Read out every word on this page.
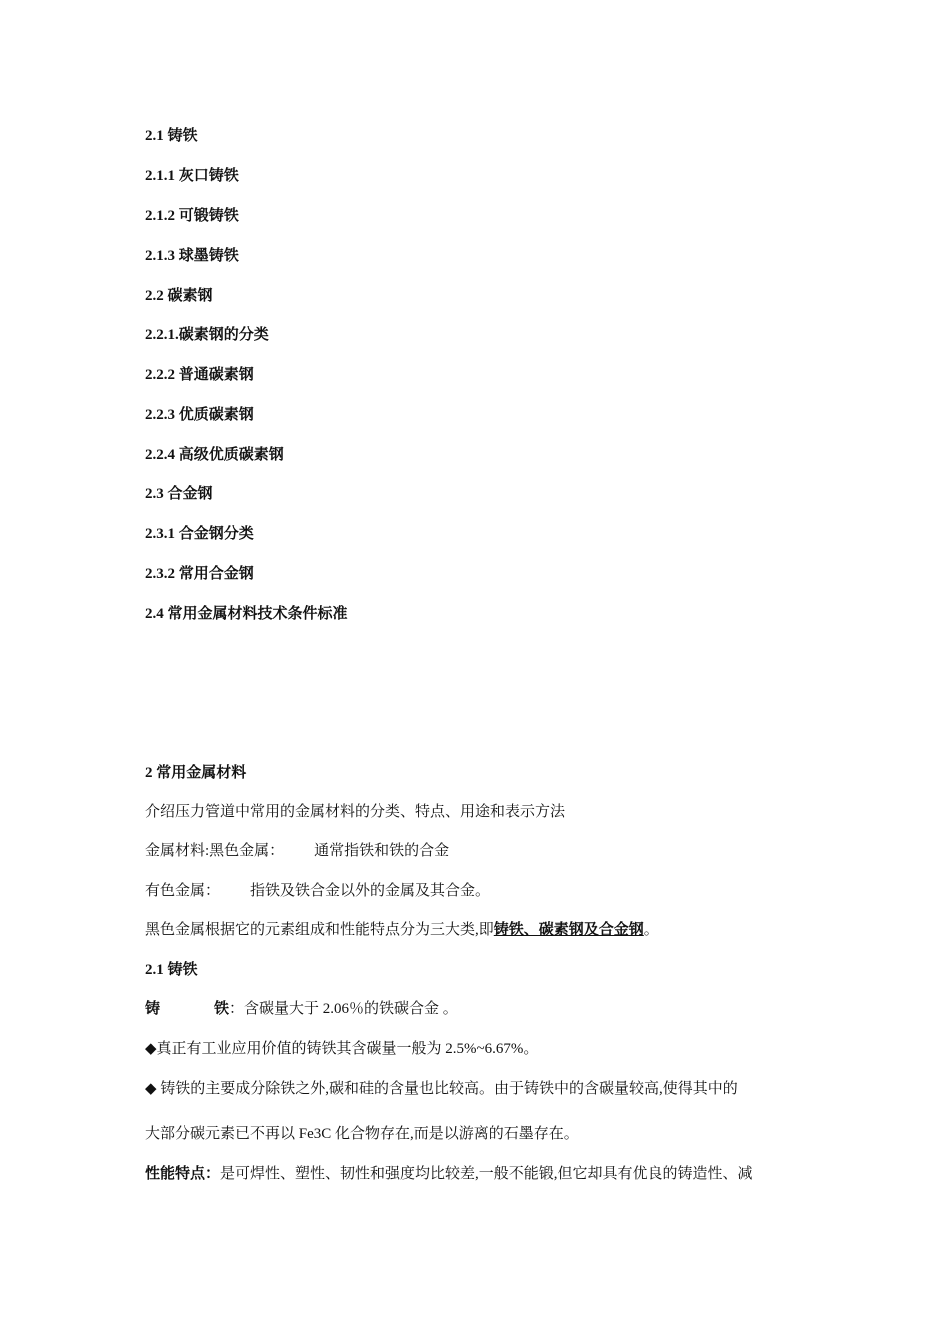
2.1 铸铁
2.1.1 灰口铸铁
2.1.2 可锻铸铁
2.1.3 球墨铸铁
2.2 碳素钢
2.2.1.碳素钢的分类
2.2.2 普通碳素钢
2.2.3 优质碳素钢
2.2.4 高级优质碳素钢
2.3 合金钢
2.3.1 合金钢分类
2.3.2 常用合金钢
2.4 常用金属材料技术条件标准
2 常用金属材料
介绍压力管道中常用的金属材料的分类、特点、用途和表示方法
金属材料:黑色金属： 通常指铁和铁的合金
有色金属： 指铁及铁合金以外的金属及其合金。
黑色金属根据它的元素组成和性能特点分为三大类,即铸铁、碳素钢及合金钢。
2.1 铸铁
铸	铁：含碳量大于 2.06％的铁碳合金 。
◆真正有工业应用价值的铸铁其含碳量一般为 2.5%~6.67%。
◆ 铸铁的主要成分除铁之外,碳和硅的含量也比较高。由于铸铁中的含碳量较高,使得其中的
大部分碳元素已不再以 Fe3C 化合物存在,而是以游离的石墨存在。
性能特点：是可焊性、塑性、韧性和强度均比较差,一般不能锻,但它却具有优良的铸造性、减
